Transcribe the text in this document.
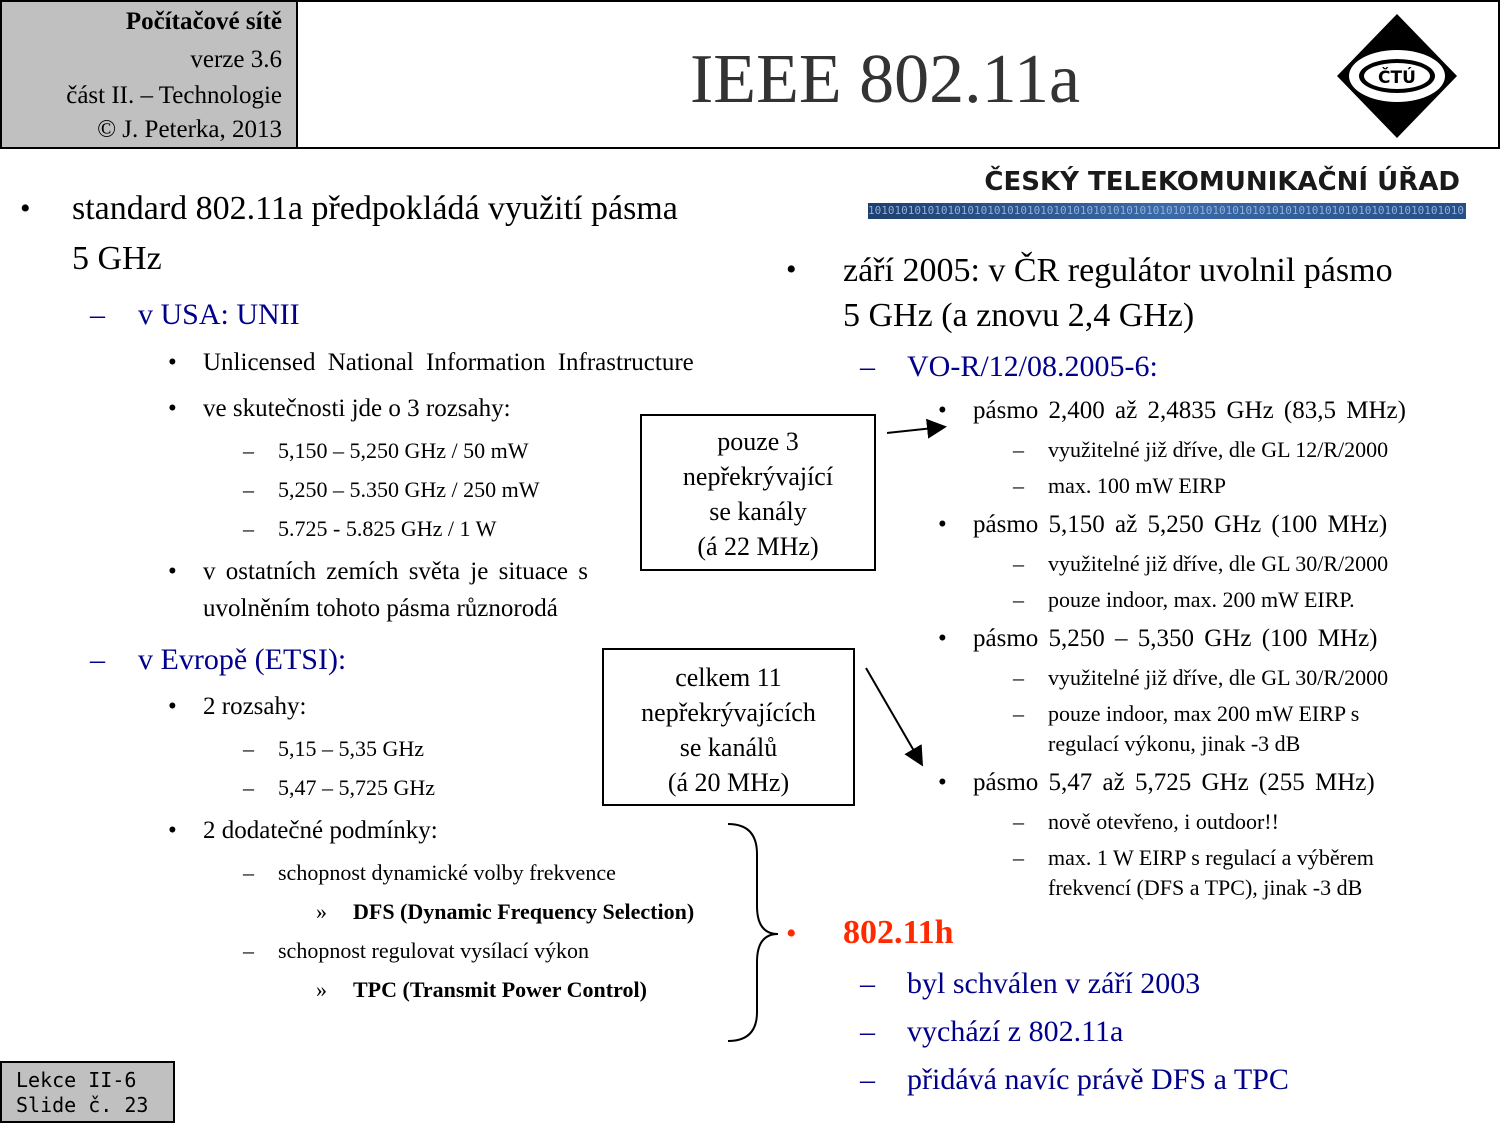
Počítačové sítě
verze 3.6
část II. – Technologie
© J. Peterka, 2013
IEEE 802.11a	ČTÚ
ČESKÝ TELEKOMUNIKAČNÍ ÚŘAD
101010101010101010101010101010101010101010101010101010101010101010101010101010101010101010
• standard 802.11a předpokládá využití pásma
5 GHz
– v USA: UNII
• Unlicensed National Information Infrastructure
• ve skutečnosti jde o 3 rozsahy:
– 5,150 – 5,250 GHz / 50 mW
– 5,250 – 5.350 GHz / 250 mW
– 5.725 - 5.825 GHz / 1 W
• v ostatních zemích světa je situace s
uvolněním tohoto pásma různorodá
– v Evropě (ETSI):
• 2 rozsahy:
– 5,15 – 5,35 GHz
– 5,47 – 5,725 GHz
• 2 dodatečné podmínky:
– schopnost dynamické volby frekvence
» DFS (Dynamic Frequency Selection)
– schopnost regulovat vysílací výkon
» TPC (Transmit Power Control)
pouze 3
nepřekrývající
se kanály
(á 22 MHz)
celkem 11
nepřekrývajících
se kanálů
(á 20 MHz)
• září 2005: v ČR regulátor uvolnil pásmo
5 GHz (a znovu 2,4 GHz)
– VO-R/12/08.2005-6:
• pásmo 2,400 až 2,4835 GHz (83,5 MHz)
– využitelné již dříve, dle GL 12/R/2000
– max. 100 mW EIRP
• pásmo 5,150 až 5,250 GHz (100 MHz)
– využitelné již dříve, dle GL 30/R/2000
– pouze indoor, max. 200 mW EIRP.
• pásmo 5,250 – 5,350 GHz (100 MHz)
– využitelné již dříve, dle GL 30/R/2000
– pouze indoor, max 200 mW EIRP s
regulací výkonu, jinak -3 dB
• pásmo 5,47 až 5,725 GHz (255 MHz)
– nově otevřeno, i outdoor!!
– max. 1 W EIRP s regulací a výběrem
frekvencí (DFS a TPC), jinak -3 dB
• 802.11h
– byl schválen v září 2003
– vychází z 802.11a
– přidává navíc právě DFS a TPC
Lekce II-6
Slide č. 23
